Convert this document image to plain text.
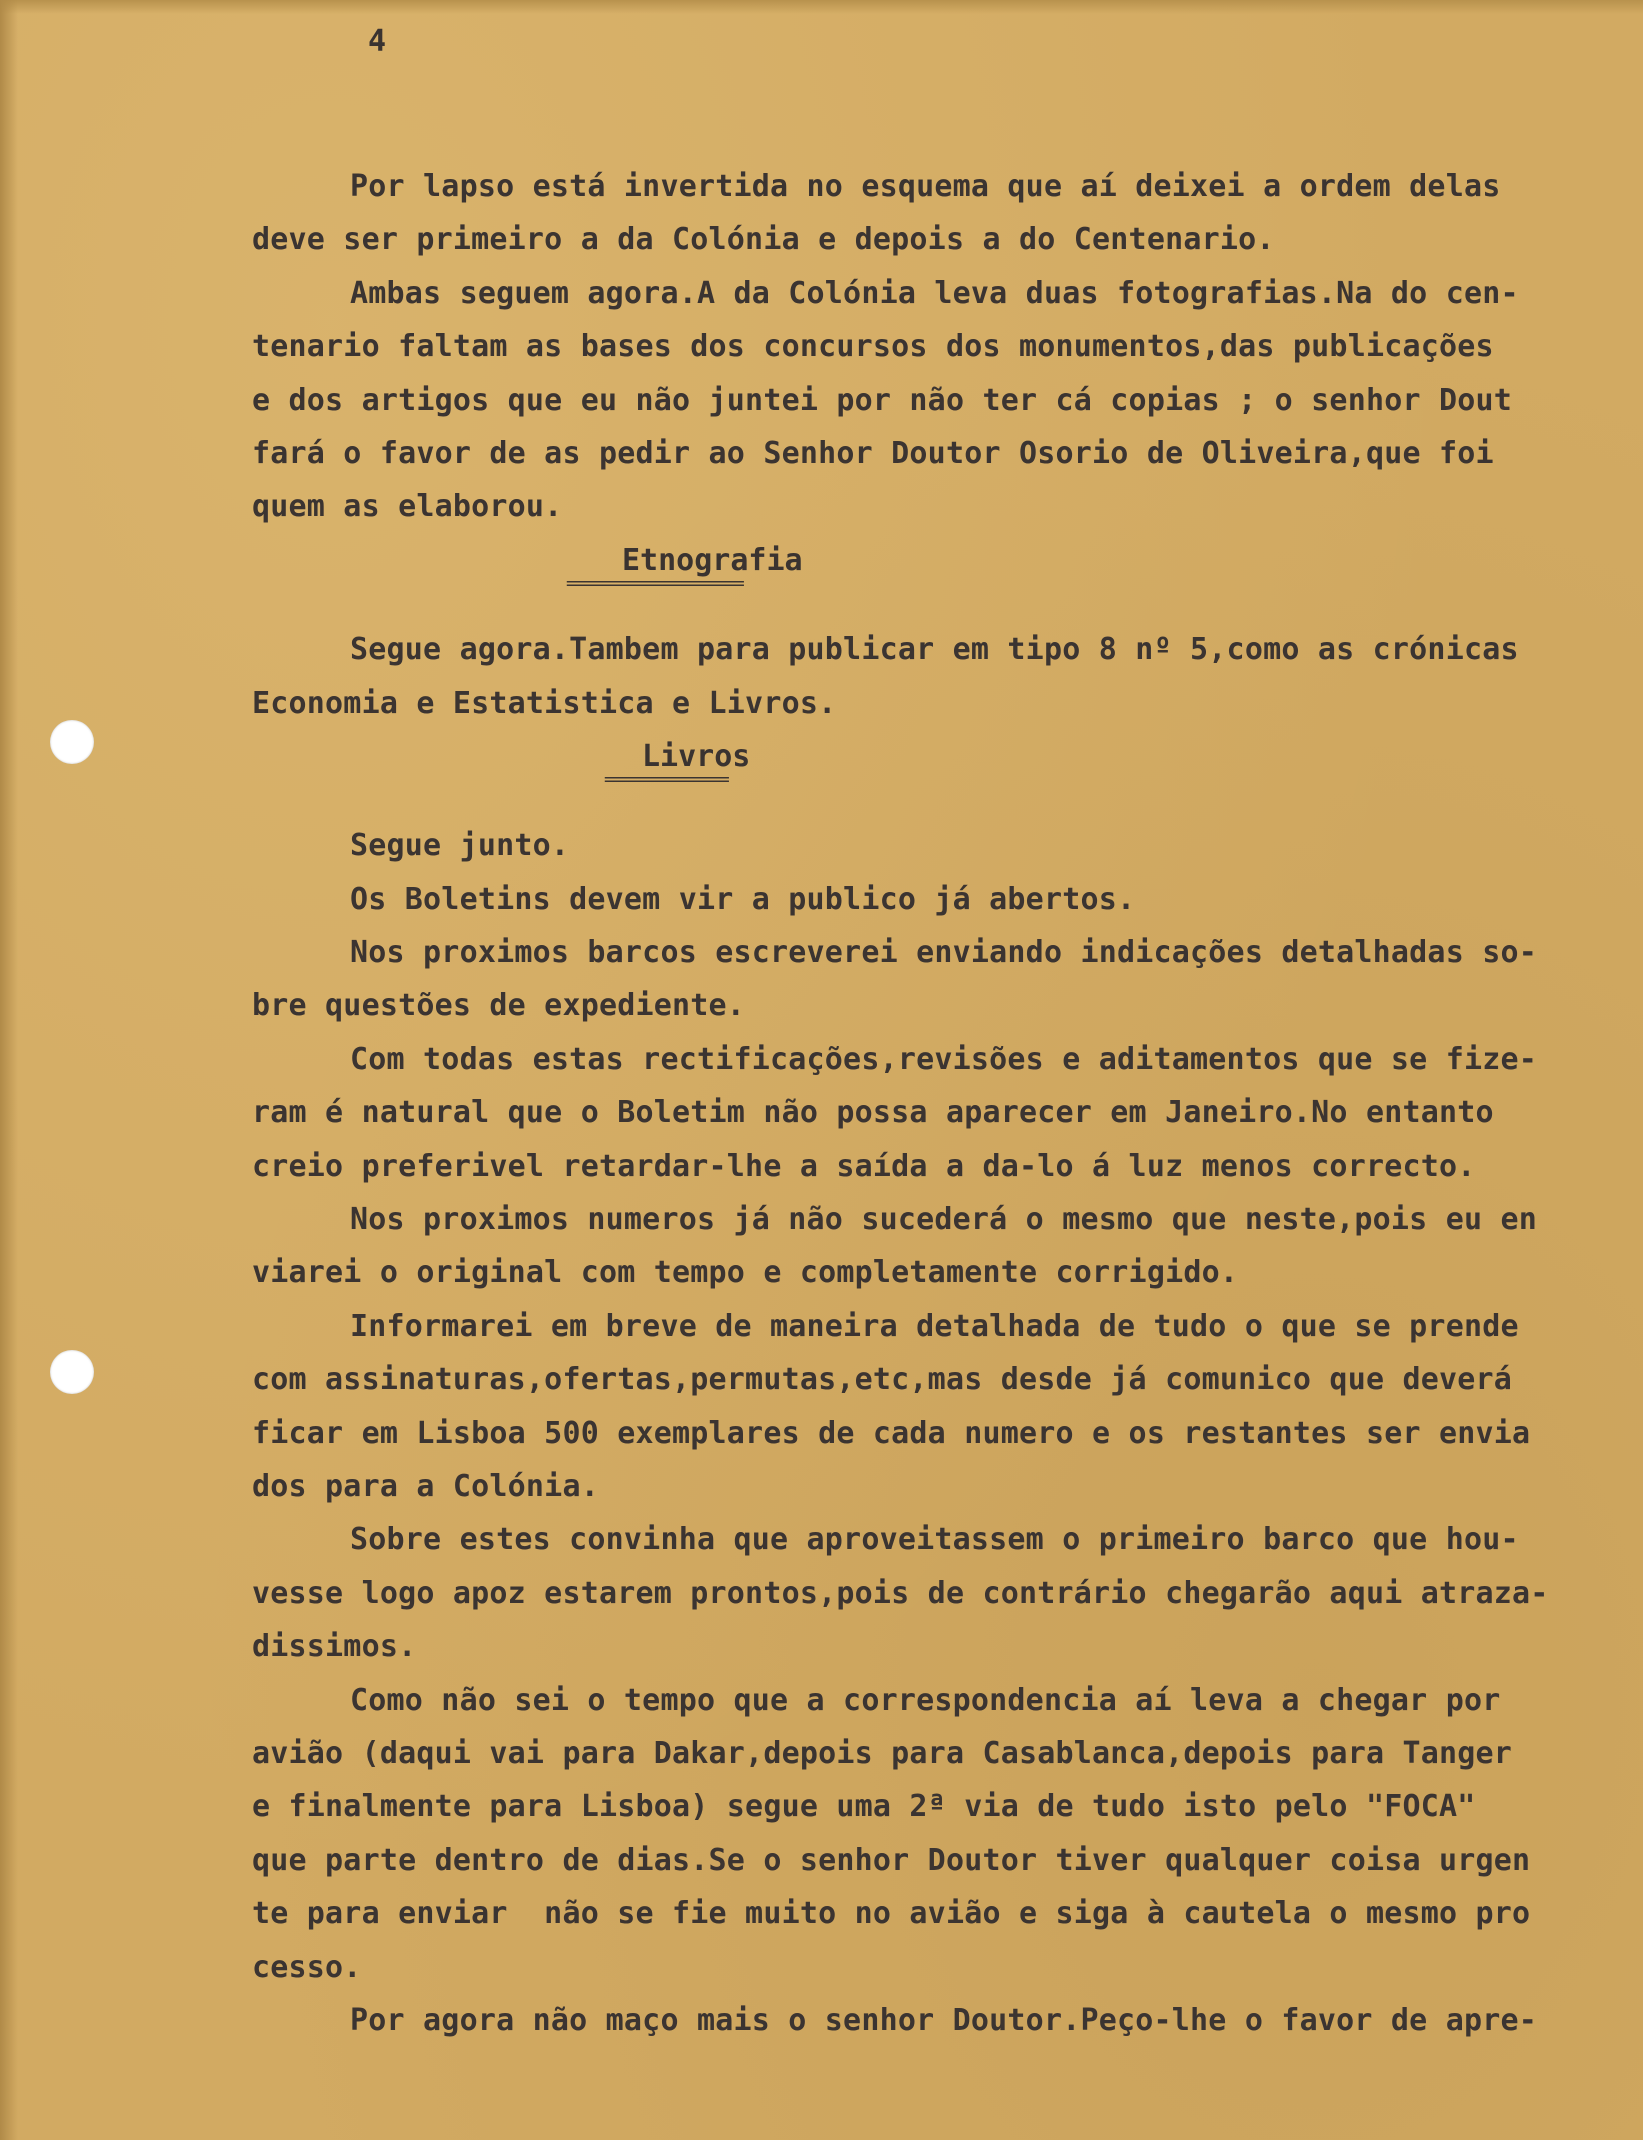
4
Por lapso está invertida no esquema que aí deixei a ordem delas
deve ser primeiro a da Colónia e depois a do Centenario.
Ambas seguem agora.A da Colónia leva duas fotografias.Na do cen-
tenario faltam as bases dos concursos dos monumentos,das publicações
e dos artigos que eu não juntei por não ter cá copias ; o senhor Dout
fará o favor de as pedir ao Senhor Doutor Osorio de Oliveira,que foi
quem as elaborou.
Etnografia
====================
Segue agora.Tambem para publicar em tipo 8 nº 5,como as crónicas
Economia e Estatistica e Livros.
Livros
==============
Segue junto.
Os Boletins devem vir a publico já abertos.
Nos proximos barcos escreverei enviando indicações detalhadas so-
bre questões de expediente.
Com todas estas rectificações,revisões e aditamentos que se fize-
ram é natural que o Boletim não possa aparecer em Janeiro.No entanto
creio preferivel retardar-lhe a saída a da-lo á luz menos correcto.
Nos proximos numeros já não sucederá o mesmo que neste,pois eu en
viarei o original com tempo e completamente corrigido.
Informarei em breve de maneira detalhada de tudo o que se prende
com assinaturas,ofertas,permutas,etc,mas desde já comunico que deverá
ficar em Lisboa 500 exemplares de cada numero e os restantes ser envia
dos para a Colónia.
Sobre estes convinha que aproveitassem o primeiro barco que hou-
vesse logo apoz estarem prontos,pois de contrário chegarão aqui atraza-
dissimos.
Como não sei o tempo que a correspondencia aí leva a chegar por
avião (daqui vai para Dakar,depois para Casablanca,depois para Tanger
e finalmente para Lisboa) segue uma 2ª via de tudo isto pelo "FOCA"
que parte dentro de dias.Se o senhor Doutor tiver qualquer coisa urgen
te para enviar  não se fie muito no avião e siga à cautela o mesmo pro
cesso.
Por agora não maço mais o senhor Doutor.Peço-lhe o favor de apre-
